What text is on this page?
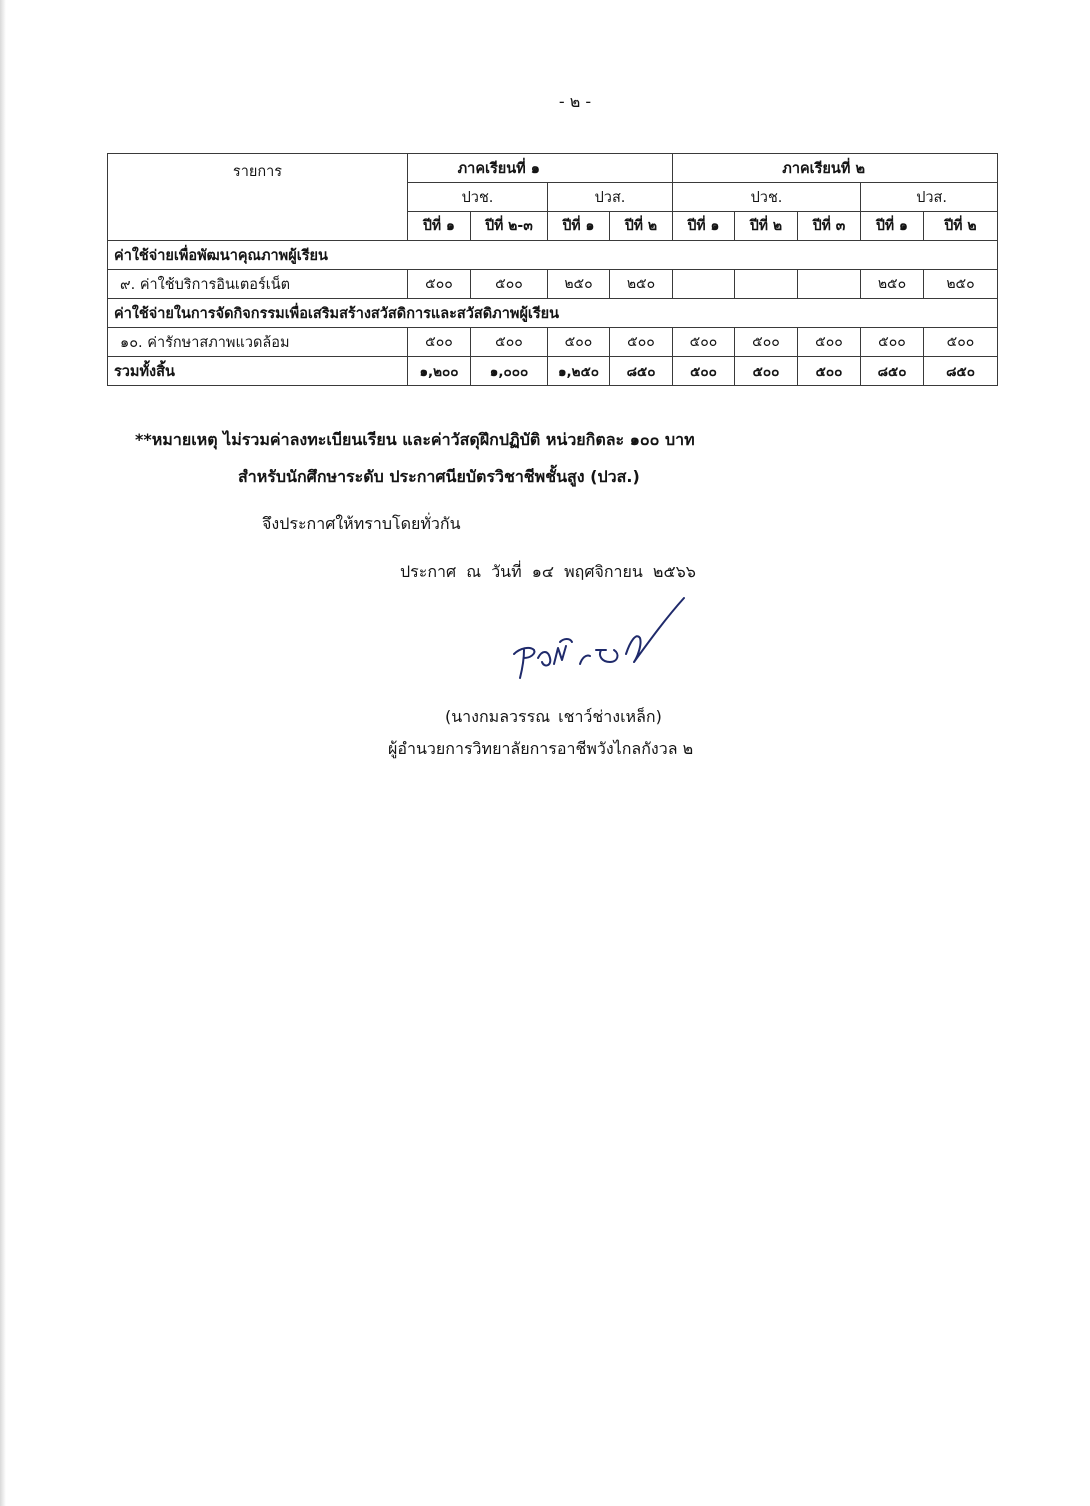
- ๒ -
รายการ	ภาคเรียนที่ ๑				ภาคเรียนที่ ๒				
	ปวช.		ปวส.		ปวช.			ปวส.	
	ปีที่ ๑	ปีที่ ๒-๓	ปีที่ ๑	ปีที่ ๒	ปีที่ ๑	ปีที่ ๒	ปีที่ ๓	ปีที่ ๑	ปีที่ ๒
ค่าใช้จ่ายเพื่อพัฒนาคุณภาพผู้เรียน									
๙. ค่าใช้บริการอินเตอร์เน็ต	๕๐๐	๕๐๐	๒๕๐	๒๕๐				๒๕๐	๒๕๐
ค่าใช้จ่ายในการจัดกิจกรรมเพื่อเสริมสร้างสวัสดิการและสวัสดิภาพผู้เรียน									
๑๐. ค่ารักษาสภาพแวดล้อม	๕๐๐	๕๐๐	๕๐๐	๕๐๐	๕๐๐	๕๐๐	๕๐๐	๕๐๐	๕๐๐
รวมทั้งสิ้น	๑,๒๐๐	๑,๐๐๐	๑,๒๕๐	๘๕๐	๕๐๐	๕๐๐	๕๐๐	๘๕๐	๘๕๐
**หมายเหตุ ไม่รวมค่าลงทะเบียนเรียน และค่าวัสดุฝึกปฏิบัติ หน่วยกิตละ ๑๐๐ บาท
สำหรับนักศึกษาระดับ ประกาศนียบัตรวิชาชีพชั้นสูง (ปวส.)
จึงประกาศให้ทราบโดยทั่วกัน
ประกาศ ณ วันที่ ๑๔ พฤศจิกายน ๒๕๖๖
(นางกมลวรรณ เชาว์ช่างเหล็ก)
ผู้อำนวยการวิทยาลัยการอาชีพวังไกลกังวล ๒
